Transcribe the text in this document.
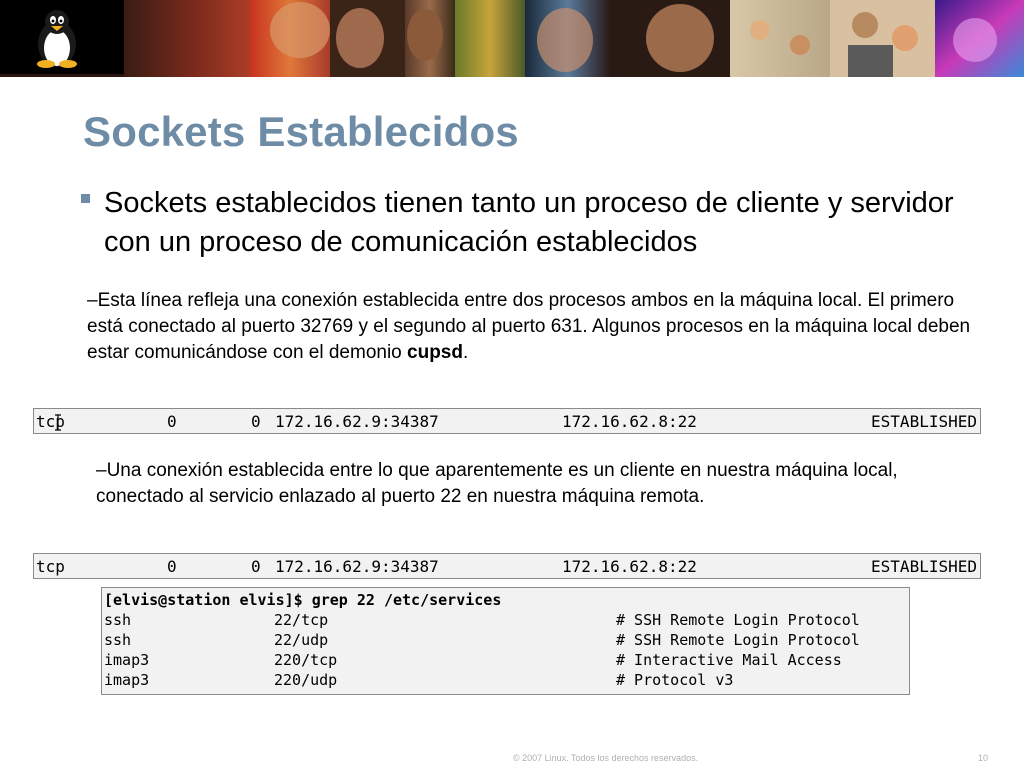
Sockets Establecidos
Sockets establecidos tienen tanto un proceso de cliente y servidor con un proceso de comunicación establecidos
–Esta línea refleja una conexión establecida entre dos procesos ambos en la máquina local. El primero está conectado al puerto 32769 y el segundo al puerto 631. Algunos procesos en la máquina local deben estar comunicándose con el demonio cupsd.
tcp	0	0 172.16.62.9:34387	172.16.62.8:22	ESTABLISHED
–Una conexión establecida entre lo que aparentemente es un cliente en nuestra máquina local, conectado al servicio enlazado al puerto 22 en nuestra máquina remota.
tcp	0	0 172.16.62.9:34387	172.16.62.8:22	ESTABLISHED
[elvis@station elvis]$ grep 22 /etc/services
ssh	22/tcp	# SSH Remote Login Protocol
ssh	22/udp	# SSH Remote Login Protocol
imap3	220/tcp	# Interactive Mail Access
imap3	220/udp	# Protocol v3
© 2007 Linux. Todos los derechos reservados.	10
